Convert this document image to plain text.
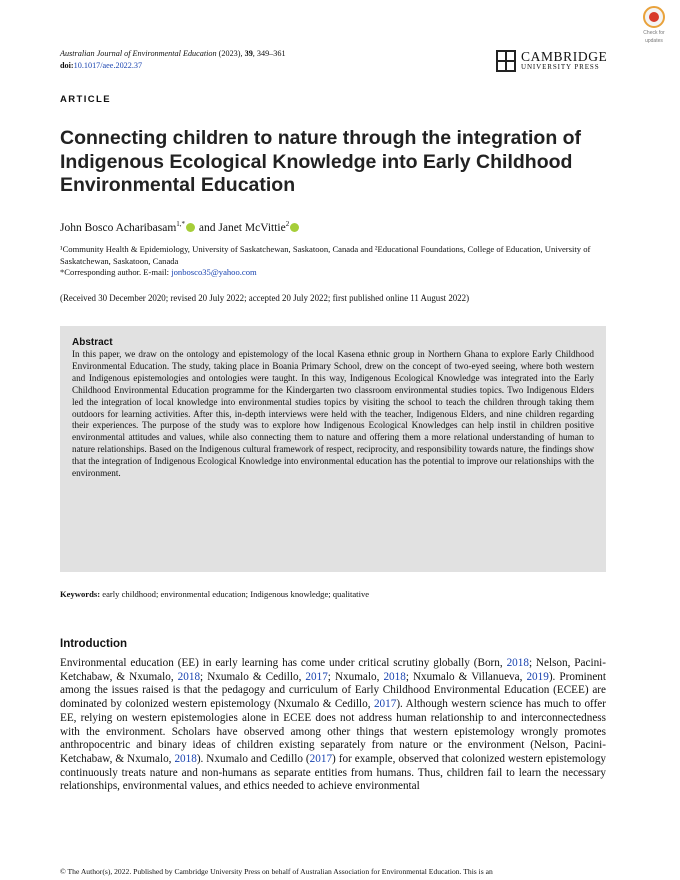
Check for
updates
Australian Journal of Environmental Education (2023), 39, 349–361
doi:10.1017/aee.2022.37
CAMBRIDGE
UNIVERSITY PRESS
ARTICLE
Connecting children to nature through the integration of Indigenous Ecological Knowledge into Early Childhood Environmental Education
John Bosco Acharibasam$^{1,*}$ and Janet McVittie$^2$
¹Community Health & Epidemiology, University of Saskatchewan, Saskatoon, Canada and ²Educational Foundations, College of Education, University of Saskatchewan, Saskatoon, Canada
*Corresponding author. E-mail: jonbosco35@yahoo.com
(Received 30 December 2020; revised 20 July 2022; accepted 20 July 2022; first published online 11 August 2022)
Abstract
In this paper, we draw on the ontology and epistemology of the local Kasena ethnic group in Northern Ghana to explore Early Childhood Environmental Education. The study, taking place in Boania Primary School, drew on the concept of two-eyed seeing, where both western and Indigenous epistemologies and ontologies were taught. In this way, Indigenous Ecological Knowledge was integrated into the Early Childhood Environmental Education programme for the Kindergarten two classroom environmental studies topics. Two Indigenous Elders led the integration of local knowledge into environmental studies topics by visiting the school to teach the children through taking them outdoors for learning activities. After this, in-depth interviews were held with the teacher, Indigenous Elders, and nine children regarding their experiences. The purpose of the study was to explore how Indigenous Ecological Knowledges can help instil in children positive environmental attitudes and values, while also connecting them to nature and offering them a more relational understanding of human to nature relationships. Based on the Indigenous cultural framework of respect, reciprocity, and responsibility towards nature, the findings show that the integration of Indigenous Ecological Knowledge into environmental education has the potential to improve our relationships with the environment.
Keywords: early childhood; environmental education; Indigenous knowledge; qualitative
Introduction
Environmental education (EE) in early learning has come under critical scrutiny globally (Born, 2018; Nelson, Pacini-Ketchabaw, & Nxumalo, 2018; Nxumalo & Cedillo, 2017; Nxumalo, 2018; Nxumalo & Villanueva, 2019). Prominent among the issues raised is that the pedagogy and curriculum of Early Childhood Environmental Education (ECEE) are dominated by colonized western epistemology (Nxumalo & Cedillo, 2017). Although western science has much to offer EE, relying on western epistemologies alone in ECEE does not address human relationship to and interconnectedness with the environment. Scholars have observed among other things that western epistemology wrongly promotes anthropocentric and binary ideas of children existing separately from nature or the environment (Nelson, Pacini-Ketchabaw, & Nxumalo, 2018). Nxumalo and Cedillo (2017) for example, observed that colonized western epistemology continuously treats nature and non-humans as separate entities from humans. Thus, children fail to learn the necessary relationships, environmental values, and ethics needed to achieve environmental
© The Author(s), 2022. Published by Cambridge University Press on behalf of Australian Association for Environmental Education. This is an
